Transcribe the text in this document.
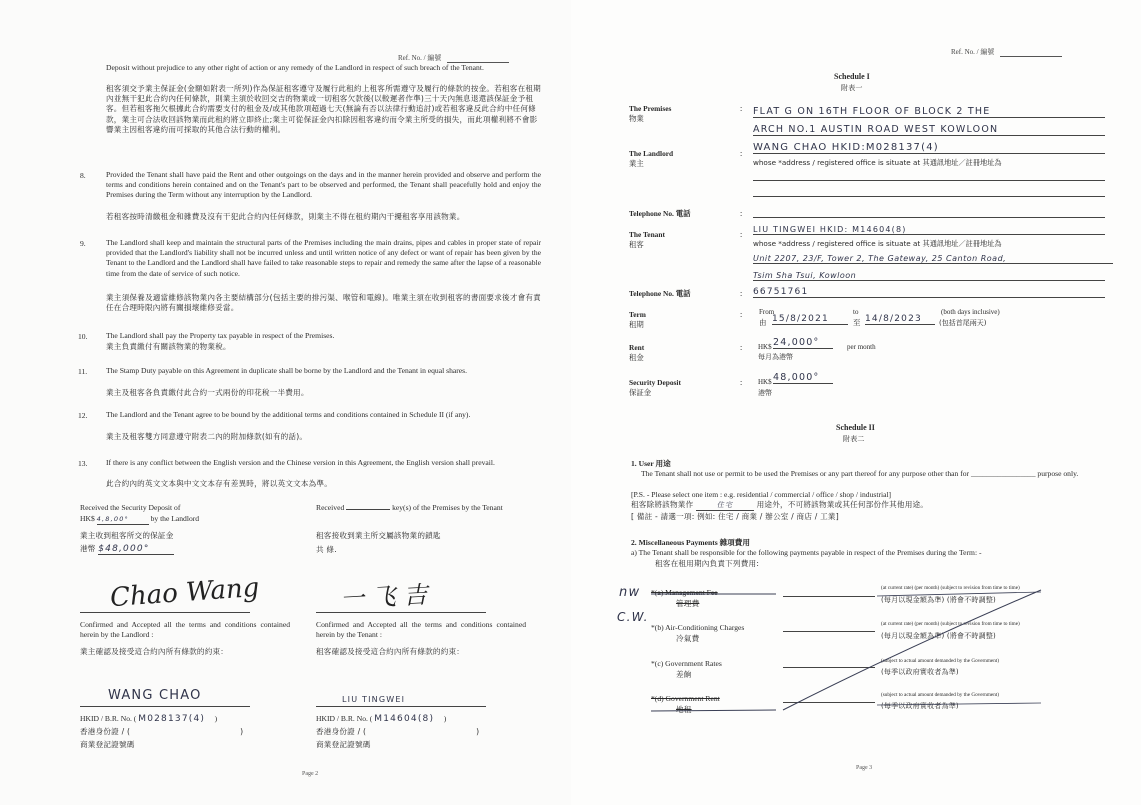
Ref. No. / 編號
Deposit without prejudice to any other right of action or any remedy of the Landlord in respect of such breach of the Tenant.
租客須交予業主保証金(金額如附表一所列)作為保証租客遵守及履行此租約上租客所需遵守及履行的條款的按金。若租客在租期內並無干犯此合約內任何條款，則業主須於收回交吉的物業或一切租客欠款後(以較遲者作準)三十天內無息退還該保証金予租客。但若租客拖欠根據此合約需要支付的租金及/或其他款項超過七天(無論有否以法律行動追討)或若租客違反此合約中任何條款，業主可合法收回該物業而此租約將立即終止;業主可從保証金內扣除因租客違約而令業主所受的損失，而此項權利將不會影響業主因租客違約而可採取的其他合法行動的權利。
8.	Provided the Tenant shall have paid the Rent and other outgoings on the days and in the manner herein provided and observe and perform the terms and conditions herein contained and on the Tenant's part to be observed and performed, the Tenant shall peacefully hold and enjoy the Premises during the Term without any interruption by the Landlord.
若租客按時清繳租金和雜費及沒有干犯此合約內任何條款，則業主不得在租約期內干擾租客享用該物業。
9.	The Landlord shall keep and maintain the structural parts of the Premises including the main drains, pipes and cables in proper state of repair provided that the Landlord's liability shall not be incurred unless and until written notice of any defect or want of repair has been given by the Tenant to the Landlord and the Landlord shall have failed to take reasonable steps to repair and remedy the same after the lapse of a reasonable time from the date of service of such notice.
業主須保養及適當維修該物業內各主要結構部分(包括主要的排污渠、喉管和電線)。唯業主須在收到租客的書面要求後才會有責任在合理時限內將有關損壞維修妥當。
10. The Landlord shall pay the Property tax payable in respect of the Premises.
業主負責繳付有關該物業的物業稅。
11. The Stamp Duty payable on this Agreement in duplicate shall be borne by the Landlord and the Tenant in equal shares.
業主及租客各負責繳付此合約一式兩份的印花稅一半費用。
12. The Landlord and the Tenant agree to be bound by the additional terms and conditions contained in Schedule II (if any).
業主及租客雙方同意遵守附表二內的附加條款(如有的話)。
13. If there is any conflict between the English version and the Chinese version in this Agreement, the English version shall prevail.
此合約內的英文文本與中文文本存有差異時，將以英文文本為準。
Received the Security Deposit of
HK$ 4,8,00°	by the Landlord
業主收到租客所交的保証金
港幣 $48,000°
Received	key(s) of the Premises by the Tenant
租客接收到業主所交屬該物業的鎖匙
共 條.
Chao Wang	一 飞 吉
Confirmed and Accepted all the terms and conditions contained herein by the Landlord :
業主確認及接受這合約內所有條款的約束：
Confirmed and Accepted all the terms and conditions contained herein by the Tenant :
租客確認及接受這合約內所有條款的約束：
WANG CHAO	LIU TINGWEI
HKID / B.R. No. ( M028137(4)     )
香港身份證 / (	)
商業登記證號碼
HKID / B.R. No. ( M14604(8)     )
香港身份證 / (	)
商業登記證號碼
Page 2
Ref. No. / 編號
Schedule I
附表一
The Premises
物業
: FLAT G ON 16TH FLOOR OF BLOCK 2 THE
ARCH NO.1 AUSTIN ROAD WEST KOWLOON
The Landlord
業主
:
WANG CHAO HKID:M028137(4)
whose *address / registered office is situate at 其通訊地址／註冊地址為
Telephone No. 電話	:
The Tenant
租客
:
LIU TINGWEI HKID: M14604(8)
whose *address / registered office is situate at 其通訊地址／註冊地址為
Unit 2207, 23/F, Tower 2, The Gateway, 25 Canton Road,
Tsim Sha Tsui, Kowloon
Telephone No. 電話	: 66751761
Term
租期
: From
由 15/8/2021
to
至 14/8/2023
(both days inclusive)
(包括首尾兩天)
Rent
租金
: HK$ 24,000°	per month
每月為港幣
Security Deposit
保証金
: HK$
港幣
48,000°
Schedule II
附表二
1. User 用途
The Tenant shall not use or permit to be used the Premises or any part thereof for any purpose other than for _________________ purpose only.
[P.S. - Please select one item : e.g. residential / commercial / office / shop / industrial]
租客除將該物業作	住宅	用途外，不可將該物業或其任何部份作其他用途。
[ 備註 - 請選一項: 例如: 住宅 / 商業 / 辦公室 / 商店 / 工業]
2. Miscellaneous Payments 雜項費用
a) The Tenant shall be responsible for the following payments payable in respect of the Premises during the Term: -
租客在租用期內負責下列費用:
nw
C.W.
*(a) Management Fee
管理費
(at current rate) (per month) (subject to revision from time to time)
(每月以現金額為準) (將會不時調整)
*(b) Air-Conditioning Charges
冷氣費
(at current rate) (per month) (subject to revision from time to time)
(每月以現金額為準) (將會不時調整)
*(c) Government Rates
差餉
(subject to actual amount demanded by the Government)
(每季以政府實收者為準)
*(d) Government Rent
地租
(subject to actual amount demanded by the Government)
(每季以政府實收者為準)
Page 3
